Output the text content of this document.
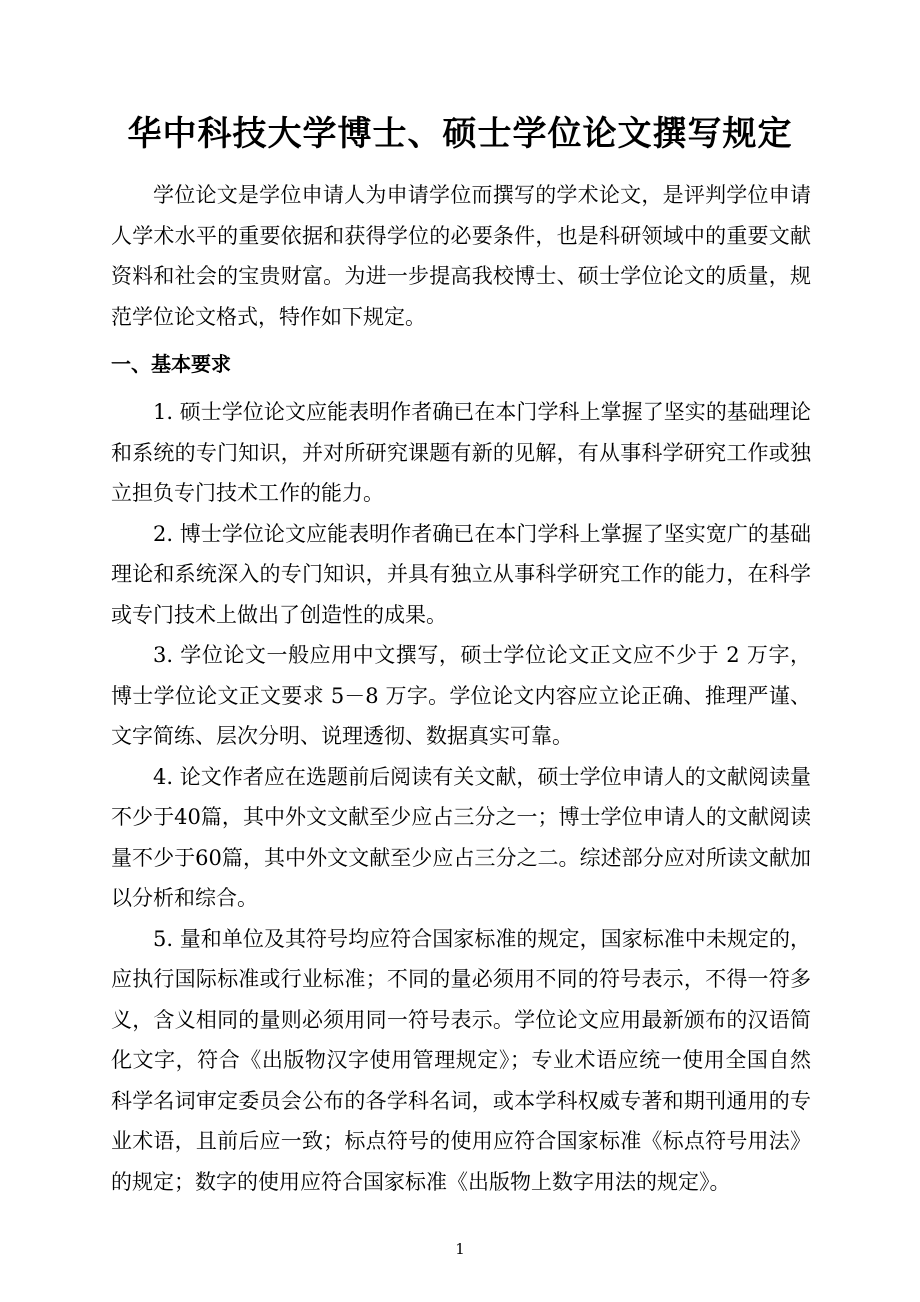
华中科技大学博士、硕士学位论文撰写规定

学位论文是学位申请人为申请学位而撰写的学术论文，是评判学位申请人学术水平的重要依据和获得学位的必要条件，也是科研领域中的重要文献资料和社会的宝贵财富。为进一步提高我校博士、硕士学位论文的质量，规范学位论文格式，特作如下规定。

一、基本要求

1. 硕士学位论文应能表明作者确已在本门学科上掌握了坚实的基础理论和系统的专门知识，并对所研究课题有新的见解，有从事科学研究工作或独立担负专门技术工作的能力。

2. 博士学位论文应能表明作者确已在本门学科上掌握了坚实宽广的基础理论和系统深入的专门知识，并具有独立从事科学研究工作的能力，在科学或专门技术上做出了创造性的成果。

3. 学位论文一般应用中文撰写，硕士学位论文正文应不少于 2 万字，博士学位论文正文要求 5－8 万字。学位论文内容应立论正确、推理严谨、文字简练、层次分明、说理透彻、数据真实可靠。

4. 论文作者应在选题前后阅读有关文献，硕士学位申请人的文献阅读量不少于40篇，其中外文文献至少应占三分之一；博士学位申请人的文献阅读量不少于60篇，其中外文文献至少应占三分之二。综述部分应对所读文献加以分析和综合。

5. 量和单位及其符号均应符合国家标准的规定，国家标准中未规定的，应执行国际标准或行业标准；不同的量必须用不同的符号表示，不得一符多义，含义相同的量则必须用同一符号表示。学位论文应用最新颁布的汉语简化文字，符合《出版物汉字使用管理规定》；专业术语应统一使用全国自然科学名词审定委员会公布的各学科名词，或本学科权威专著和期刊通用的专业术语，且前后应一致；标点符号的使用应符合国家标准《标点符号用法》的规定；数字的使用应符合国家标准《出版物上数字用法的规定》。

1
